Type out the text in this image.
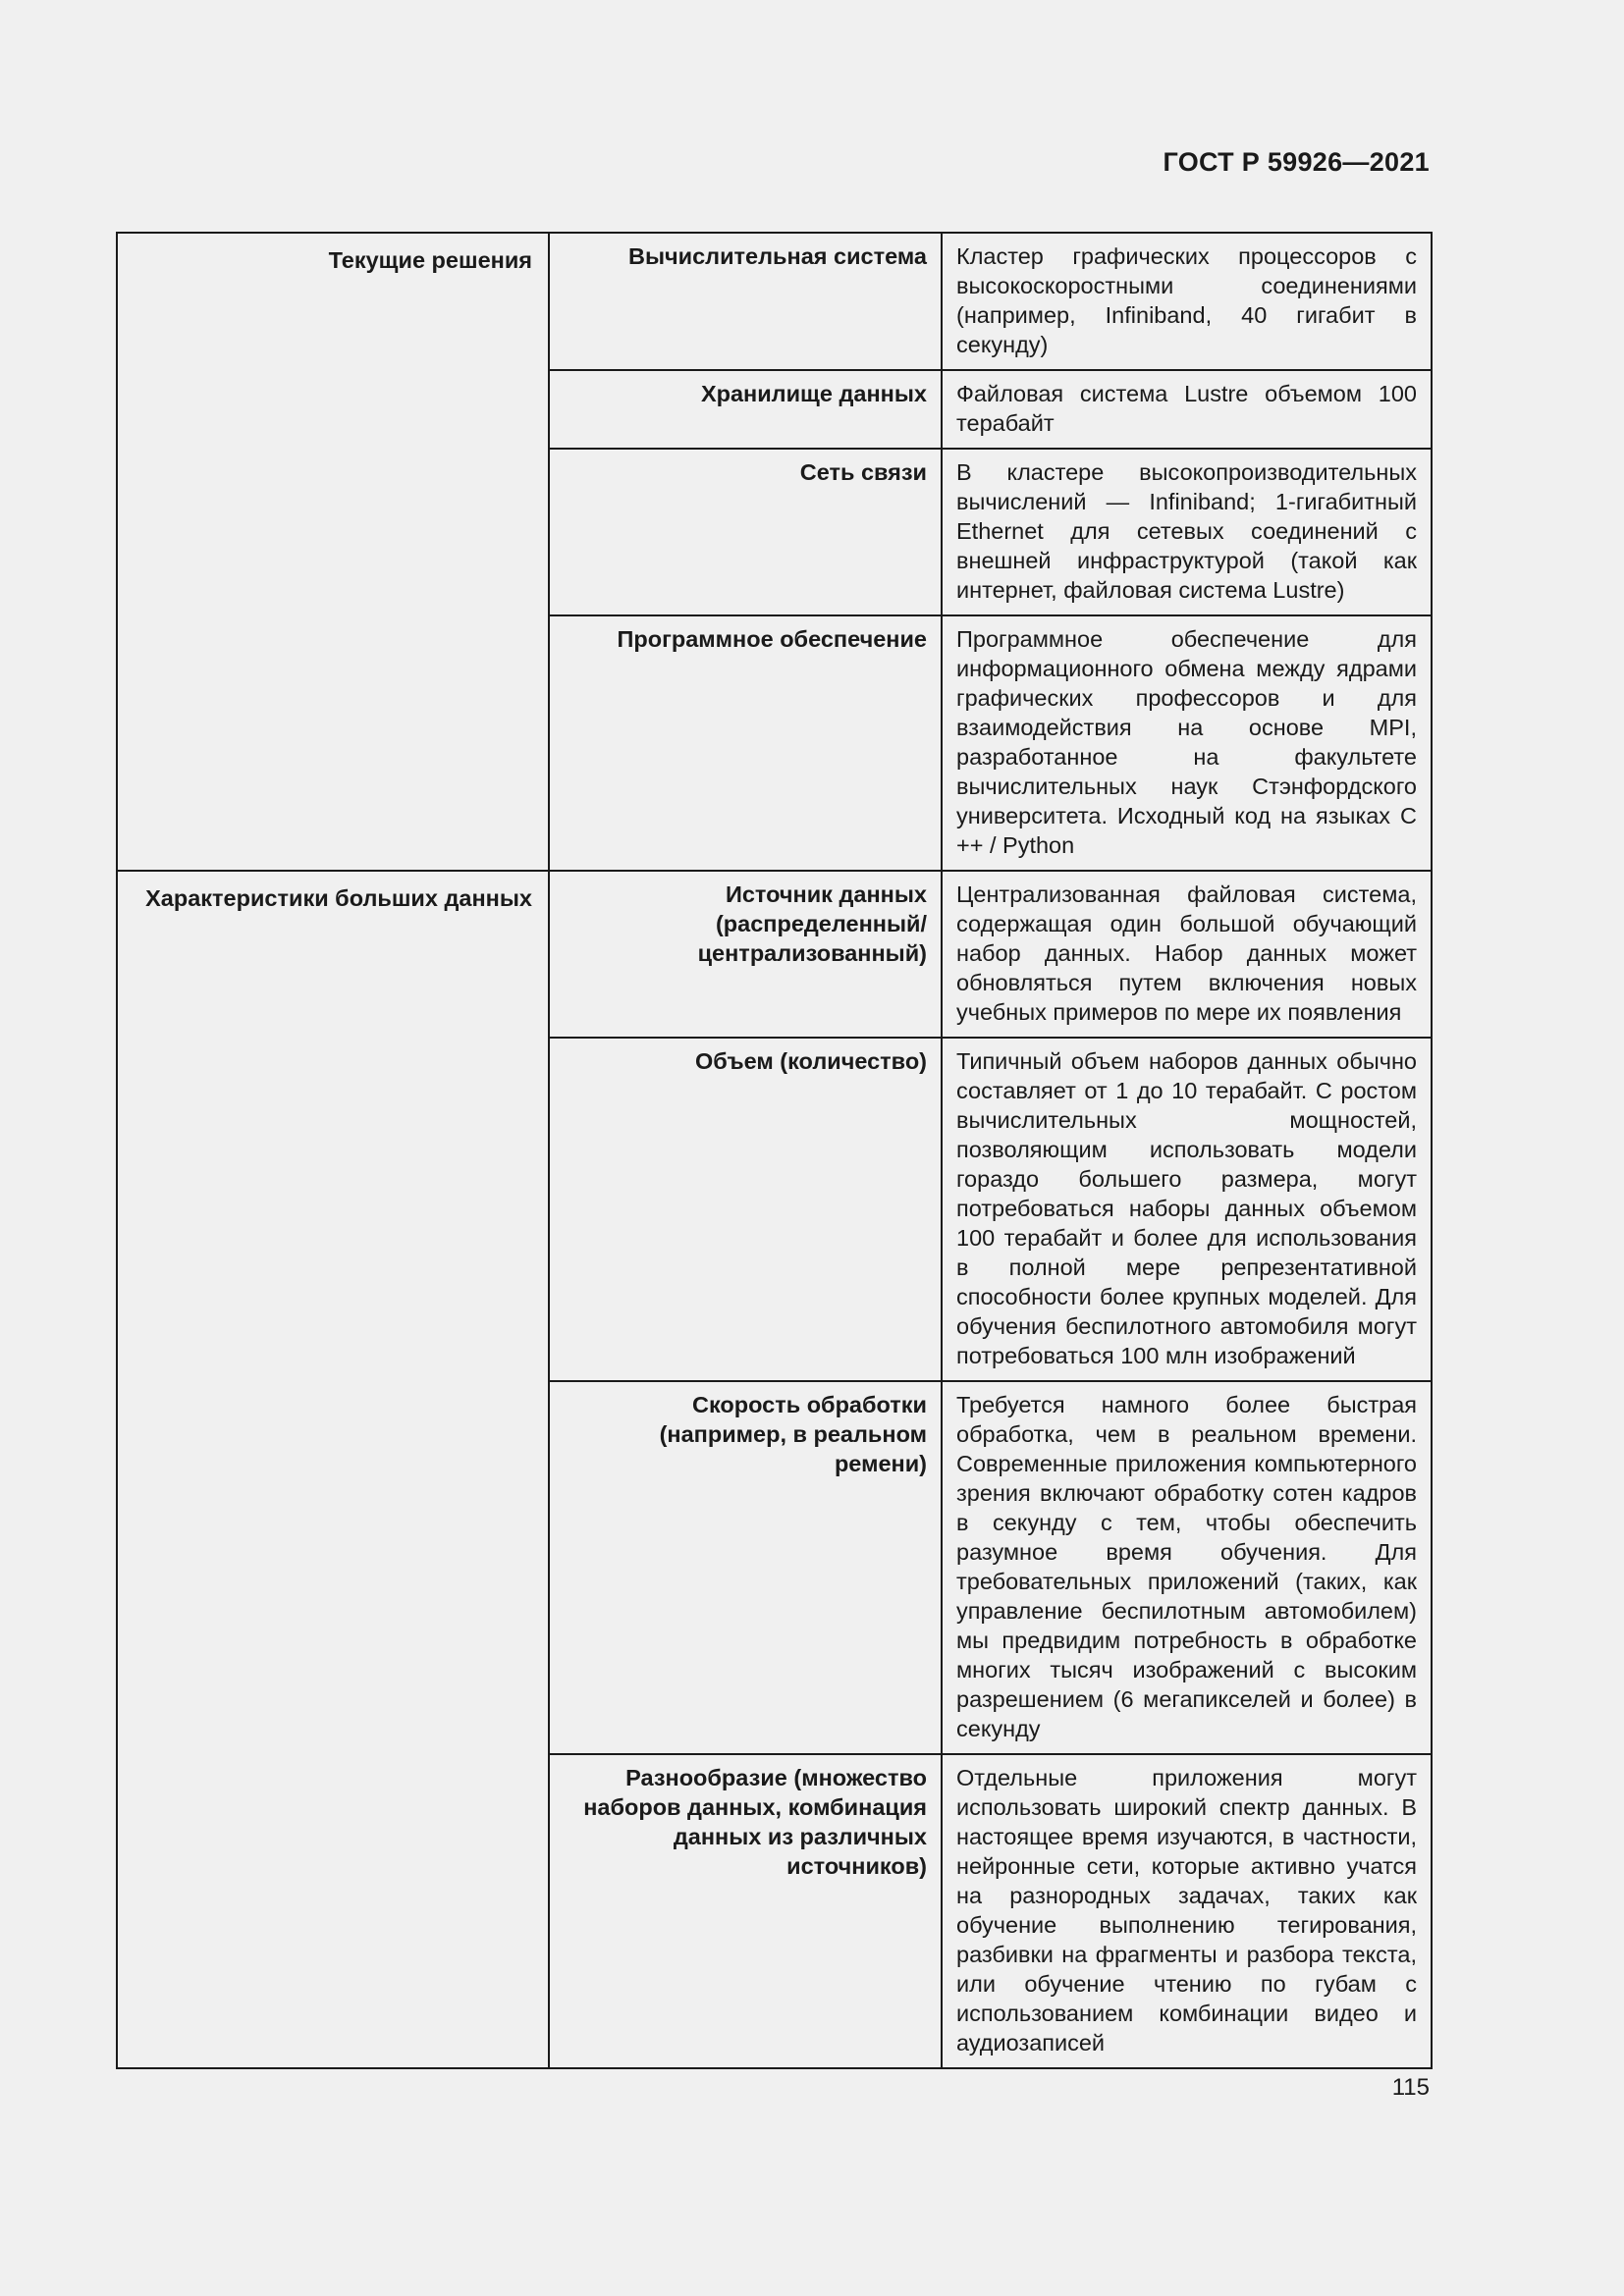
ГОСТ Р 59926—2021
Текущие решения	Вычислительная система	Кластер графических процессоров с высокоскоростными соединениями (например, Infiniband, 40 гигабит в секунду)
	Хранилище данных	Файловая система Lustre объемом 100 терабайт
	Сеть связи	В кластере высокопроизводительных вычислений — Infiniband; 1-гигабитный Ethernet для сетевых соединений с внешней инфраструктурой (такой как интернет, файловая система Lustre)
	Программное обеспечение	Программное обеспечение для информационного обмена между ядрами графических профессоров и для взаимодействия на основе MPI, разработанное на факультете вычислительных наук Стэнфордского университета. Исходный код на языках С ++ / Python
Характеристики больших данных	Источник данных (распределенный/централизованный)	Централизованная файловая система, содержащая один большой обучающий набор данных. Набор данных может обновляться путем включения новых учебных примеров по мере их появления
	Объем (количество)	Типичный объем наборов данных обычно составляет от 1 до 10 терабайт. С ростом вычислительных мощностей, позволяющим использовать модели гораздо большего размера, могут потребоваться наборы данных объемом 100 терабайт и более для использования в полной мере репрезентативной способности более крупных моделей. Для обучения беспилотного автомобиля могут потребоваться 100 млн изображений
	Скорость обработки (например, в реальном ремени)	Требуется намного более быстрая обработка, чем в реальном времени. Современные приложения компьютерного зрения включают обработку сотен кадров в секунду с тем, чтобы обеспечить разумное время обучения. Для требовательных приложений (таких, как управление беспилотным автомобилем) мы предвидим потребность в обработке многих тысяч изображений с высоким разрешением (6 мегапикселей и более) в секунду
	Разнообразие (множество наборов данных, комбинация данных из различных источников)	Отдельные приложения могут использовать широкий спектр данных. В настоящее время изучаются, в частности, нейронные сети, которые активно учатся на разнородных задачах, таких как обучение выполнению тегирования, разбивки на фрагменты и разбора текста, или обучение чтению по губам с использованием комбинации видео и аудиозаписей
115
